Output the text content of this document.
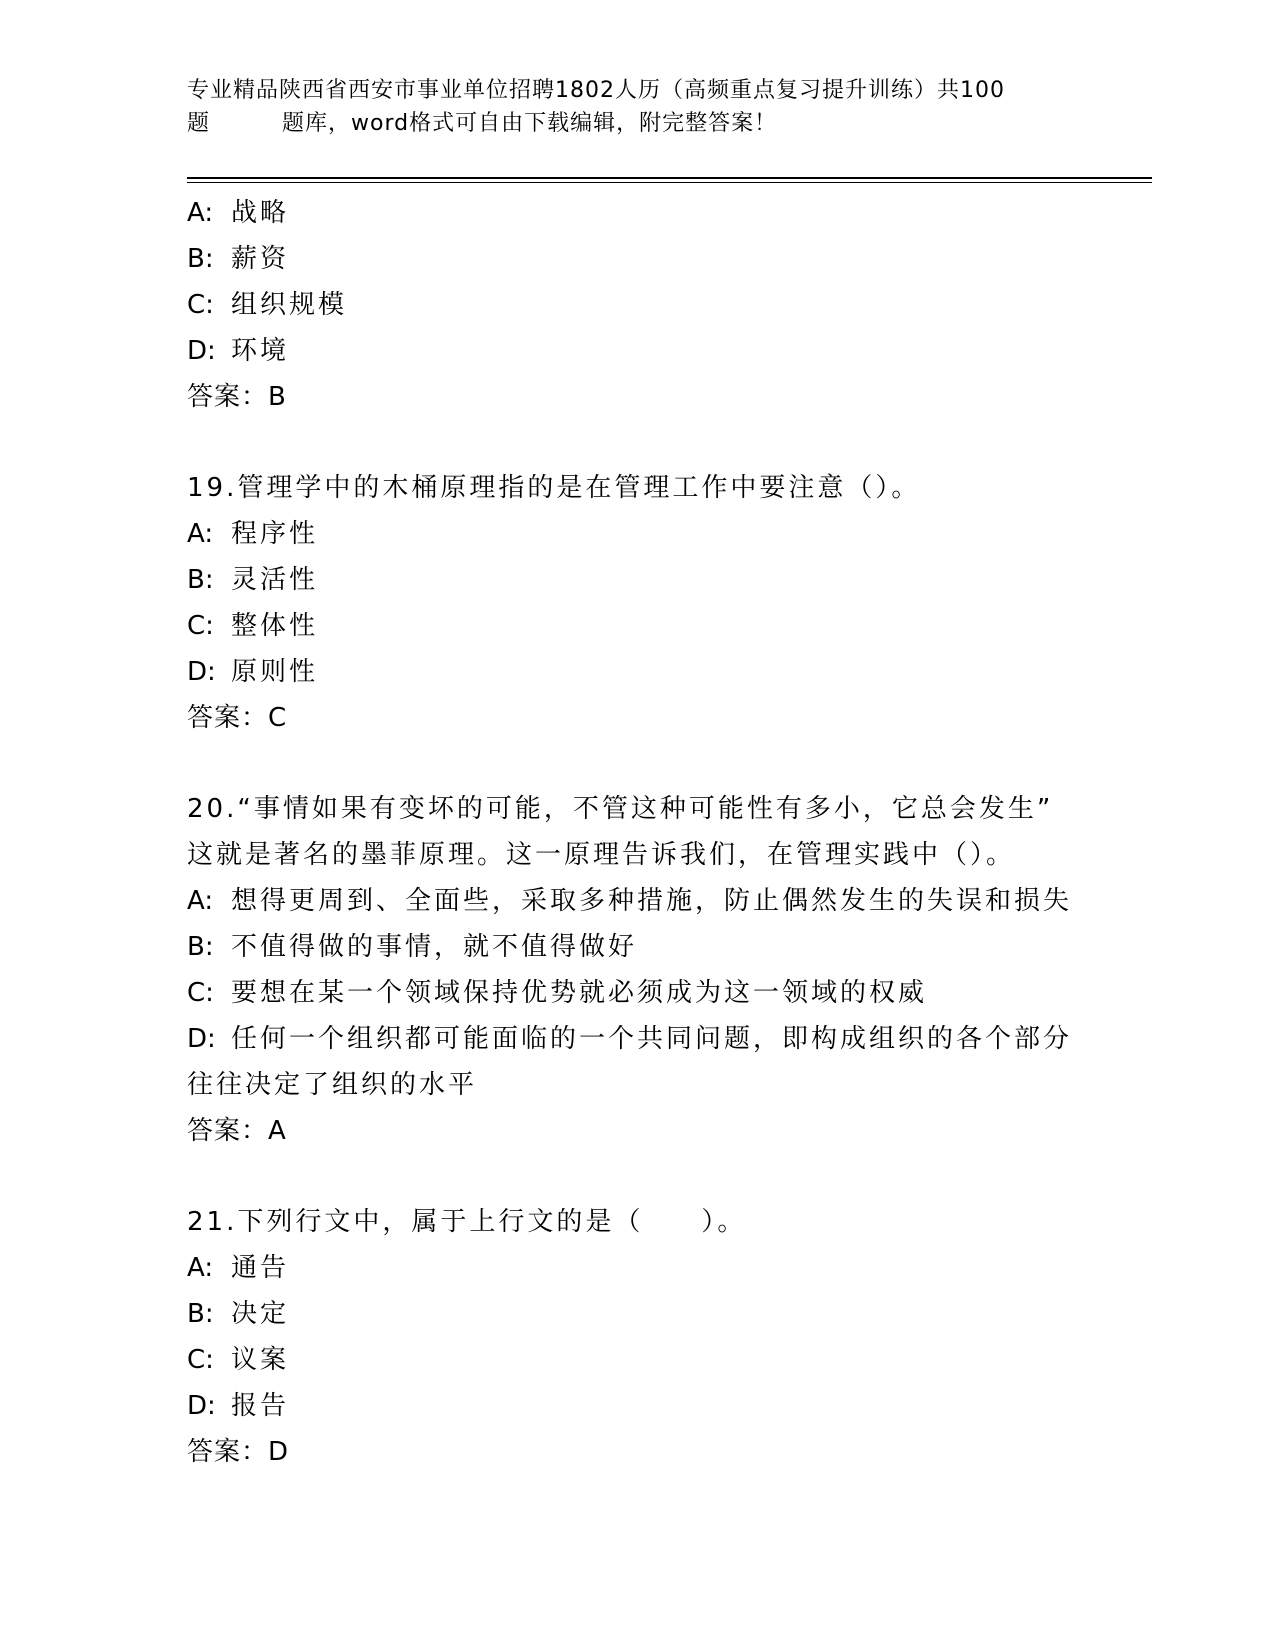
专业精品陕西省西安市事业单位招聘1802人历（高频重点复习提升训练）共100
题	题库，word格式可自由下载编辑，附完整答案！
A: 战略
B: 薪资
C: 组织规模
D: 环境
答案：B
19.管理学中的木桶原理指的是在管理工作中要注意（）。
A: 程序性
B: 灵活性
C: 整体性
D: 原则性
答案：C
20.“事情如果有变坏的可能，不管这种可能性有多小，它总会发生”
这就是著名的墨菲原理。这一原理告诉我们，在管理实践中（）。
A: 想得更周到、全面些，采取多种措施，防止偶然发生的失误和损失
B: 不值得做的事情，就不值得做好
C: 要想在某一个领域保持优势就必须成为这一领域的权威
D: 任何一个组织都可能面临的一个共同问题，即构成组织的各个部分
往往决定了组织的水平
答案：A
21.下列行文中，属于上行文的是（　　）。
A: 通告
B: 决定
C: 议案
D: 报告
答案：D
